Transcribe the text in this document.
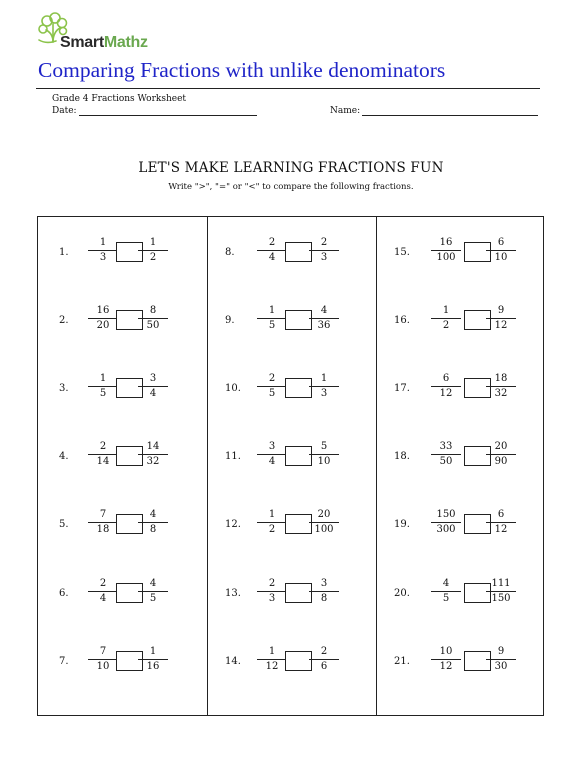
SmartMathz
Comparing Fractions with unlike denominators
Grade 4 Fractions Worksheet
Date:	Name:
LET'S MAKE LEARNING FRACTIONS FUN
Write ">", "=" or "<" to compare the following fractions.
1.
1
3
1
2
2.
16
20
8
50
3.
1
5
3
4
4.
2
14
14
32
5.
7
18
4
8
6.
2
4
4
5
7.
7
10
1
16
8.
2
4
2
3
9.
1
5
4
36
10.
2
5
1
3
11.
3
4
5
10
12.
1
2
20
100
13.
2
3
3
8
14.
1
12
2
6
15.
16
100
6
10
16.
1
2
9
12
17.
6
12
18
32
18.
33
50
20
90
19.
150
300
6
12
20.
4
5
111
150
21.
10
12
9
30
